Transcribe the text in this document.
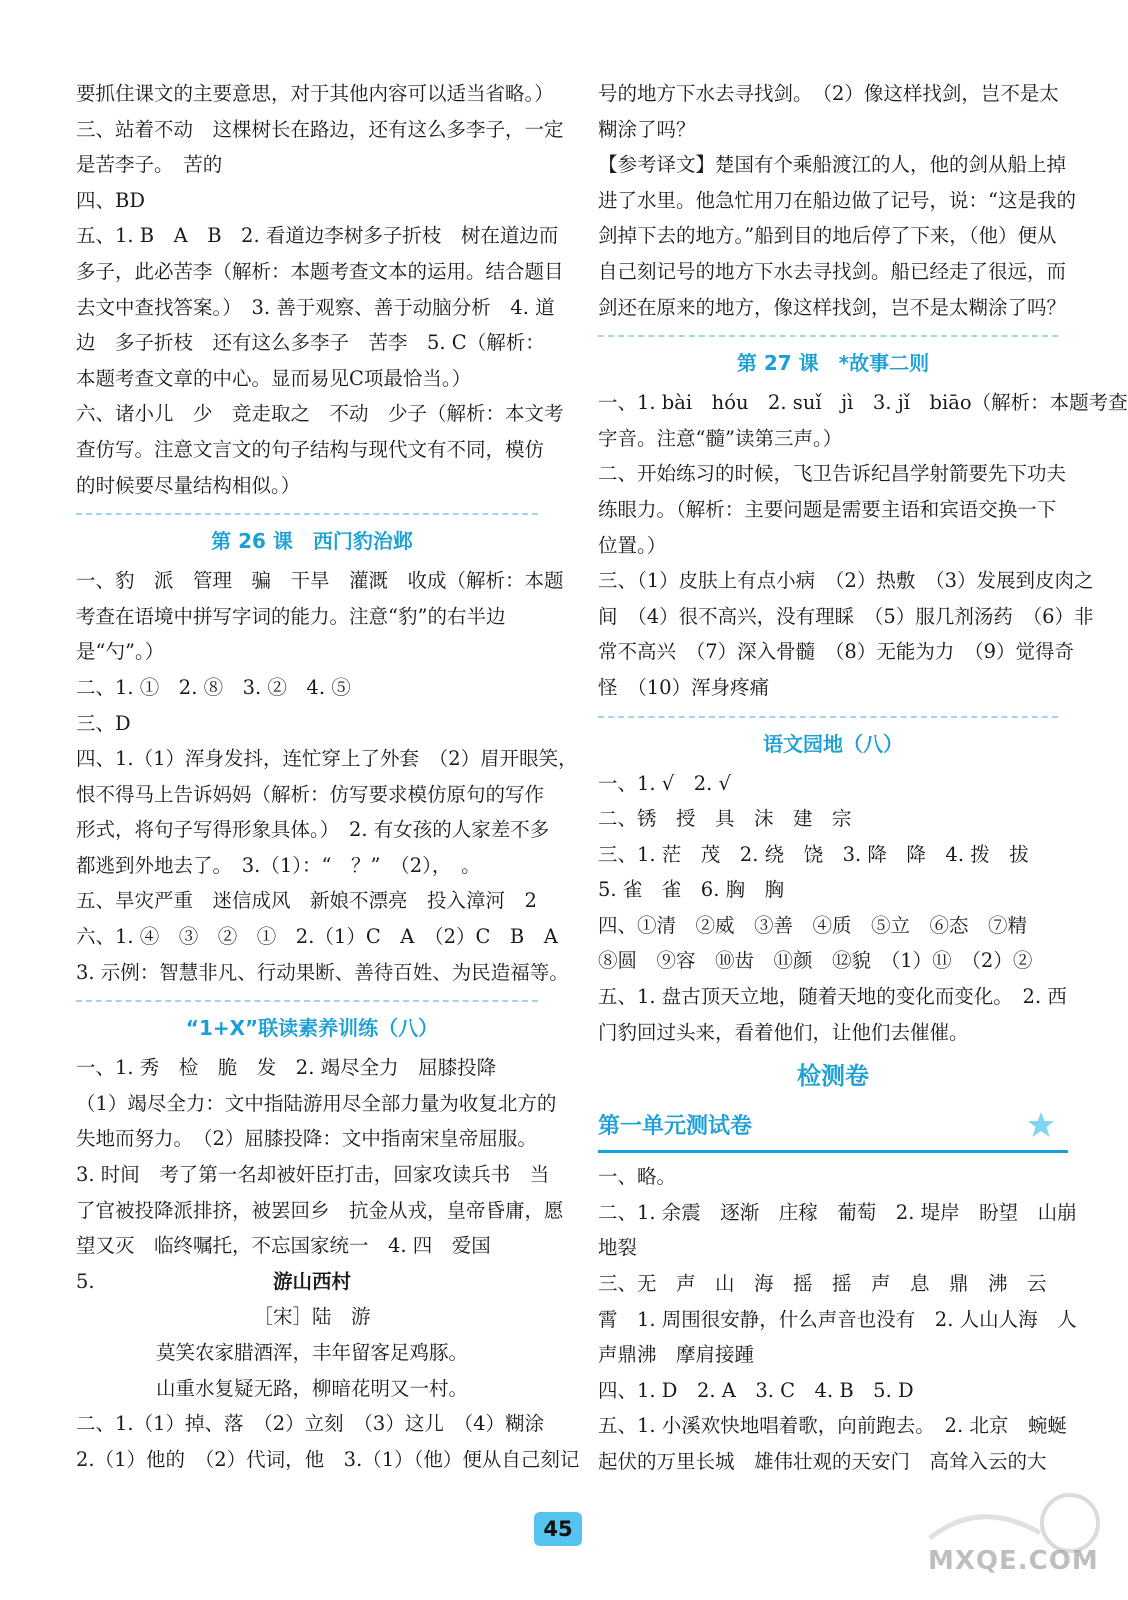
要抓住课文的主要意思，对于其他内容可以适当省略。）
三、站着不动　这棵树长在路边，还有这么多李子，一定
是苦李子。　苦的
四、BD
五、1. B　A　B　2. 看道边李树多子折枝　树在道边而
多子，此必苦李（解析：本题考查文本的运用。结合题目
去文中查找答案。）　3. 善于观察、善于动脑分析　4. 道
边　多子折枝　还有这么多李子　苦李　5. C（解析：
本题考查文章的中心。显而易见C项最恰当。）
六、诸小儿　少　竞走取之　不动　少子（解析：本文考
查仿写。注意文言文的句子结构与现代文有不同，模仿
的时候要尽量结构相似。）
第 26 课　西门豹治邺
一、豹　派　管理　骗　干旱　灌溉　收成（解析：本题
考查在语境中拼写字词的能力。注意“豹”的右半边
是“勺”。）
二、1. ①　2. ⑧　3. ②　4. ⑤
三、D
四、1.（1）浑身发抖，连忙穿上了外套　（2）眉开眼笑，
恨不得马上告诉妈妈（解析：仿写要求模仿原句的写作
形式，将句子写得形象具体。）　2. 有女孩的人家差不多
都逃到外地去了。　3.（1）：“　？”　（2），　。
五、旱灾严重　迷信成风　新娘不漂亮　投入漳河　2
六、1. ④　③　②　①　2.（1）C　A　（2）C　B　A
3. 示例：智慧非凡、行动果断、善待百姓、为民造福等。
“1+X”联读素养训练（八）
一、1. 秀　检　脆　发　2. 竭尽全力　屈膝投降
（1）竭尽全力：文中指陆游用尽全部力量为收复北方的
失地而努力。　（2）屈膝投降：文中指南宋皇帝屈服。
3. 时间　考了第一名却被奸臣打击，回家攻读兵书　当
了官被投降派排挤，被罢回乡　抗金从戎，皇帝昏庸，愿
望又灭　临终嘱托，不忘国家统一　4. 四　爱国
5.	游山西村
［宋］陆　游
莫笑农家腊酒浑，丰年留客足鸡豚。
山重水复疑无路，柳暗花明又一村。
二、1.（1）掉、落　（2）立刻　（3）这儿　（4）糊涂
2.（1）他的　（2）代词，他　3.（1）（他）便从自己刻记
号的地方下水去寻找剑。　（2）像这样找剑，岂不是太
糊涂了吗？
【参考译文】楚国有个乘船渡江的人，他的剑从船上掉
进了水里。他急忙用刀在船边做了记号，说：“这是我的
剑掉下去的地方。”船到目的地后停了下来，（他）便从
自己刻记号的地方下水去寻找剑。船已经走了很远，而
剑还在原来的地方，像这样找剑，岂不是太糊涂了吗？
第 27 课　*故事二则
一、1. bài　hóu　2. suǐ　jì　3. jǐ　biāo（解析：本题考查
字音。注意“髓”读第三声。）
二、开始练习的时候，飞卫告诉纪昌学射箭要先下功夫
练眼力。（解析：主要问题是需要主语和宾语交换一下
位置。）
三、（1）皮肤上有点小病　（2）热敷　（3）发展到皮肉之
间　（4）很不高兴，没有理睬　（5）服几剂汤药　（6）非
常不高兴　（7）深入骨髓　（8）无能为力　（9）觉得奇
怪　（10）浑身疼痛
语文园地（八）
一、1. √　2. √
二、锈　授　具　沫　建　宗
三、1. 茫　茂　2. 绕　饶　3. 降　降　4. 拨　拔
5. 雀　雀　6. 胸　胸
四、①清　②威　③善　④质　⑤立　⑥态　⑦精
⑧圆　⑨容　⑩齿　⑪颜　⑫貌　（1）⑪　（2）②
五、1. 盘古顶天立地，随着天地的变化而变化。　2. 西
门豹回过头来，看着他们，让他们去催催。
检测卷
第一单元测试卷
一、略。
二、1. 余震　逐渐　庄稼　葡萄　2. 堤岸　盼望　山崩
地裂
三、无　声　山　海　摇　摇　声　息　鼎　沸　云
霄　1. 周围很安静，什么声音也没有　2. 人山人海　人
声鼎沸　摩肩接踵
四、1. D　2. A　3. C　4. B　5. D
五、1. 小溪欢快地唱着歌，向前跑去。　2. 北京　蜿蜒
起伏的万里长城　雄伟壮观的天安门　高耸入云的大
45
MXQE.COM
